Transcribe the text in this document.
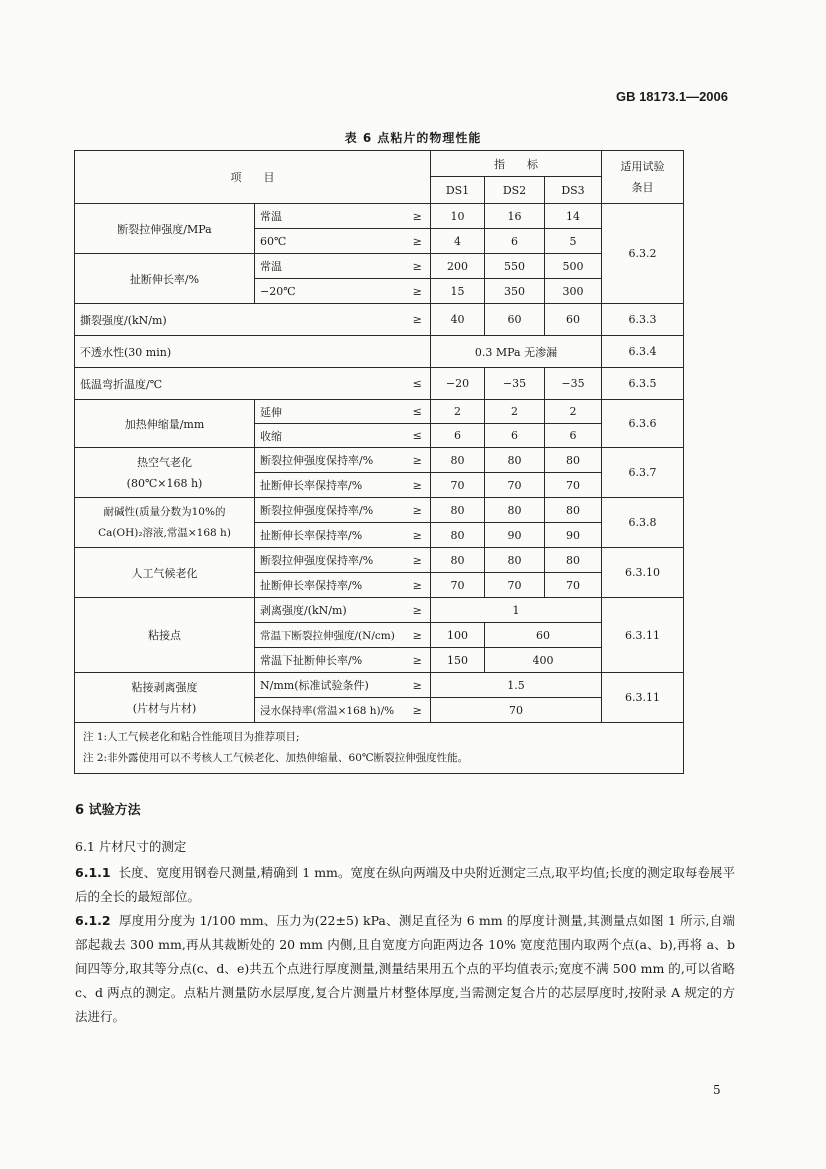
GB 18173.1—2006
表 6 点粘片的物理性能
项　　目			指　　标			适用试验条目
			DS1	DS2	DS3	
断裂拉伸强度/MPa	常温	≥	10	16	14	6.3.2
	60℃	≥	4	6	5	
扯断伸长率/%	常温	≥	200	550	500	
	−20℃	≥	15	350	300	
撕裂强度/(kN/m)		≥	40	60	60	6.3.3
不透水性(30 min)			0.3 MPa 无渗漏			6.3.4
低温弯折温度/℃		≤	−20	−35	−35	6.3.5
加热伸缩量/mm	延伸	≤	2	2	2	6.3.6
	收缩	≤	6	6	6	
热空气老化
(80℃×168 h)	断裂拉伸强度保持率/%	≥	80	80	80	6.3.7
	扯断伸长率保持率/%	≥	70	70	70	
耐碱性(质量分数为10%的
Ca(OH)₂溶液,常温×168 h)	断裂拉伸强度保持率/%	≥	80	80	80	6.3.8
	扯断伸长率保持率/%	≥	80	90	90	
人工气候老化	断裂拉伸强度保持率/%	≥	80	80	80	6.3.10
	扯断伸长率保持率/%	≥	70	70	70	
粘接点	剥离强度/(kN/m)	≥	1			6.3.11
	常温下断裂拉伸强度/(N/cm)	≥	100	60		
	常温下扯断伸长率/%	≥	150	400		
粘接剥离强度
(片材与片材)	N/mm(标准试验条件)	≥	1.5			6.3.11
	浸水保持率(常温×168 h)/%	≥	70			

注 1:人工气候老化和粘合性能项目为推荐项目;
注 2:非外露使用可以不考核人工气候老化、加热伸缩量、60℃断裂拉伸强度性能。						
6 试验方法
6.1 片材尺寸的测定
6.1.1 长度、宽度用钢卷尺测量,精确到 1 mm。宽度在纵向两端及中央附近测定三点,取平均值;长度的测定取每卷展平后的全长的最短部位。
6.1.2 厚度用分度为 1/100 mm、压力为(22±5) kPa、测足直径为 6 mm 的厚度计测量,其测量点如图 1 所示,自端部起裁去 300 mm,再从其裁断处的 20 mm 内侧,且自宽度方向距两边各 10% 宽度范围内取两个点(a、b),再将 a、b 间四等分,取其等分点(c、d、e)共五个点进行厚度测量,测量结果用五个点的平均值表示;宽度不满 500 mm 的,可以省略 c、d 两点的测定。点粘片测量防水层厚度,复合片测量片材整体厚度,当需测定复合片的芯层厚度时,按附录 A 规定的方法进行。
5
